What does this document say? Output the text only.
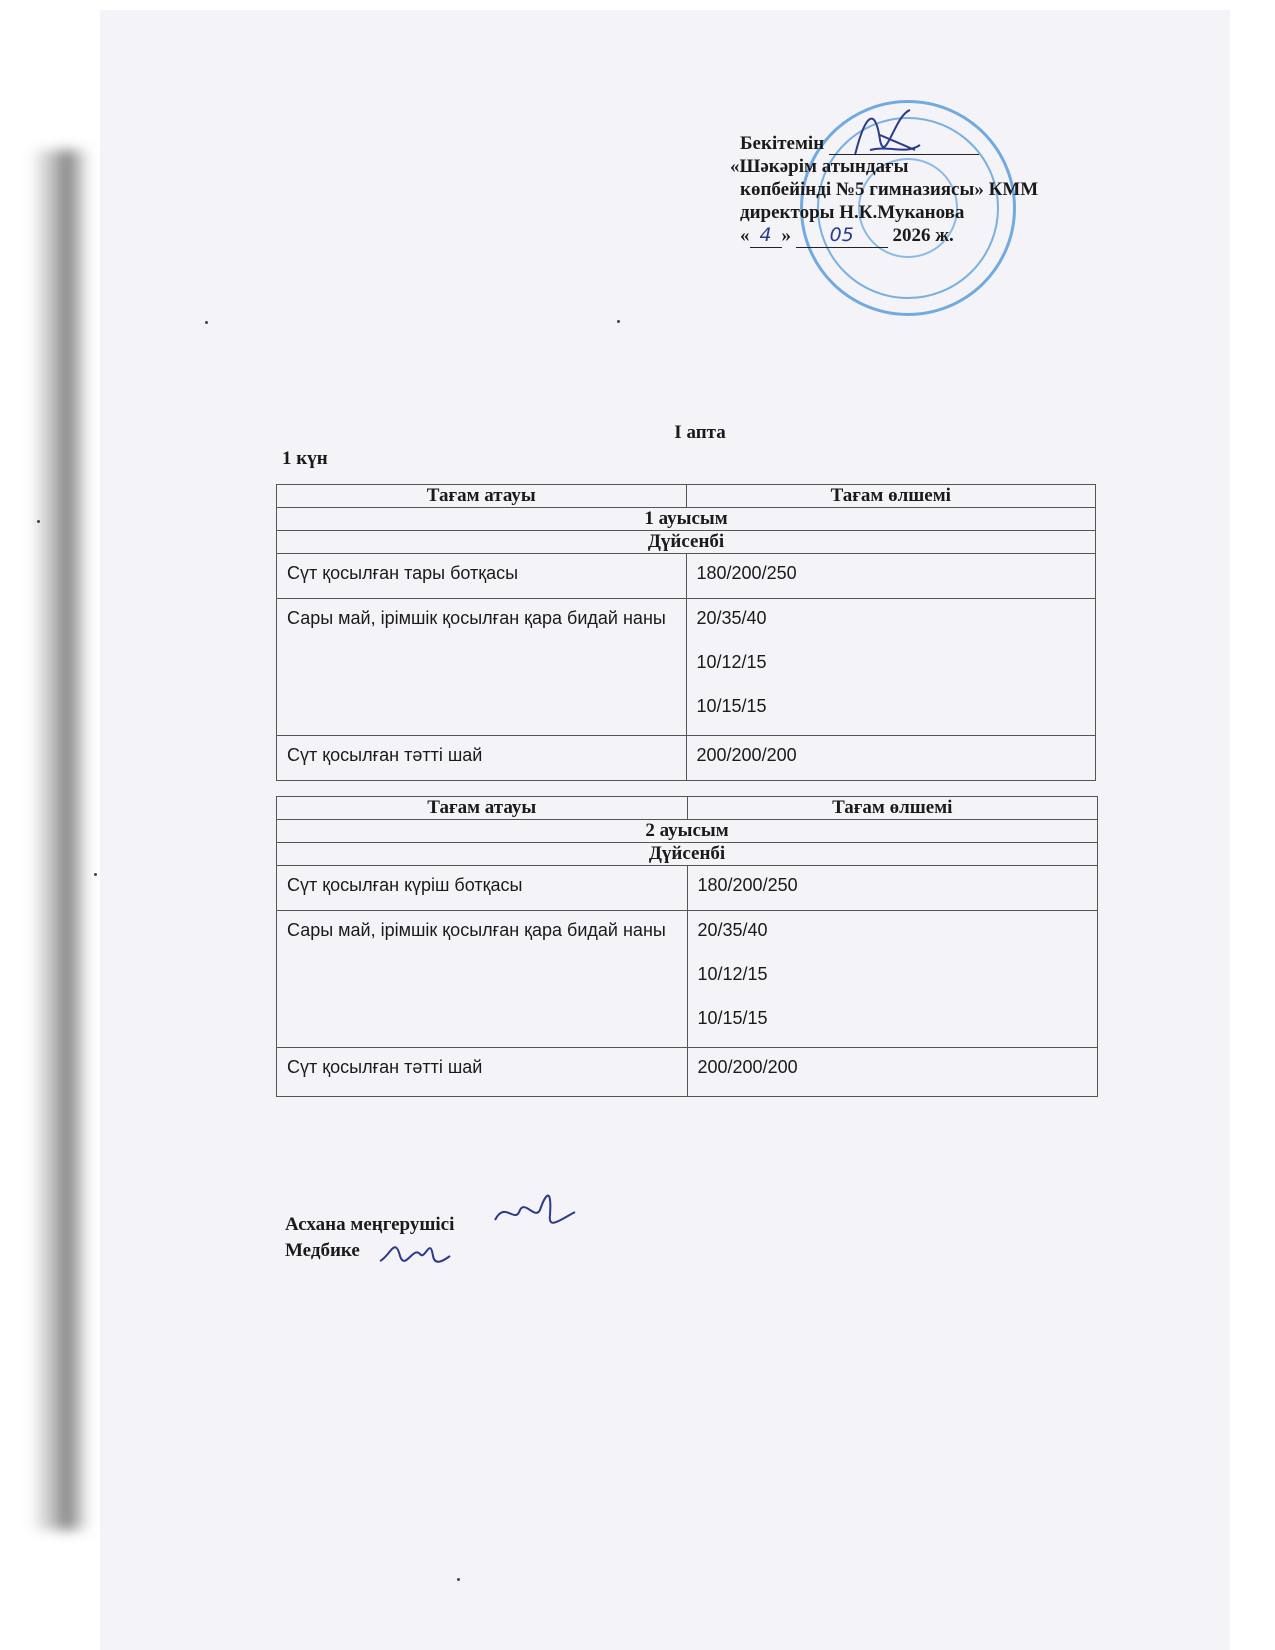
Бекітемін
«Шәкәрім атындағы
көпбейінді №5 гимназиясы» КММ
директоры Н.К.Муканова
« 4 » 05 2026 ж.
I апта
1 күн
Тағам атауы	Тағам өлшемі
1 ауысым	
Дүйсенбі	
Сүт қосылған тары ботқасы	180/200/250

Сары май, ірімшік қосылған қара бидай наны	20/35/40

10/12/15

10/15/15

Сүт қосылған тәтті шай	200/200/200

Тағам атауы	Тағам өлшемі
2 ауысым	
Дүйсенбі	
Сүт қосылған күріш ботқасы	180/200/250

Сары май, ірімшік қосылған қара бидай наны	20/35/40

10/12/15

10/15/15

Сүт қосылған тәтті шай	200/200/200

Асхана меңгерушісі
Медбике
